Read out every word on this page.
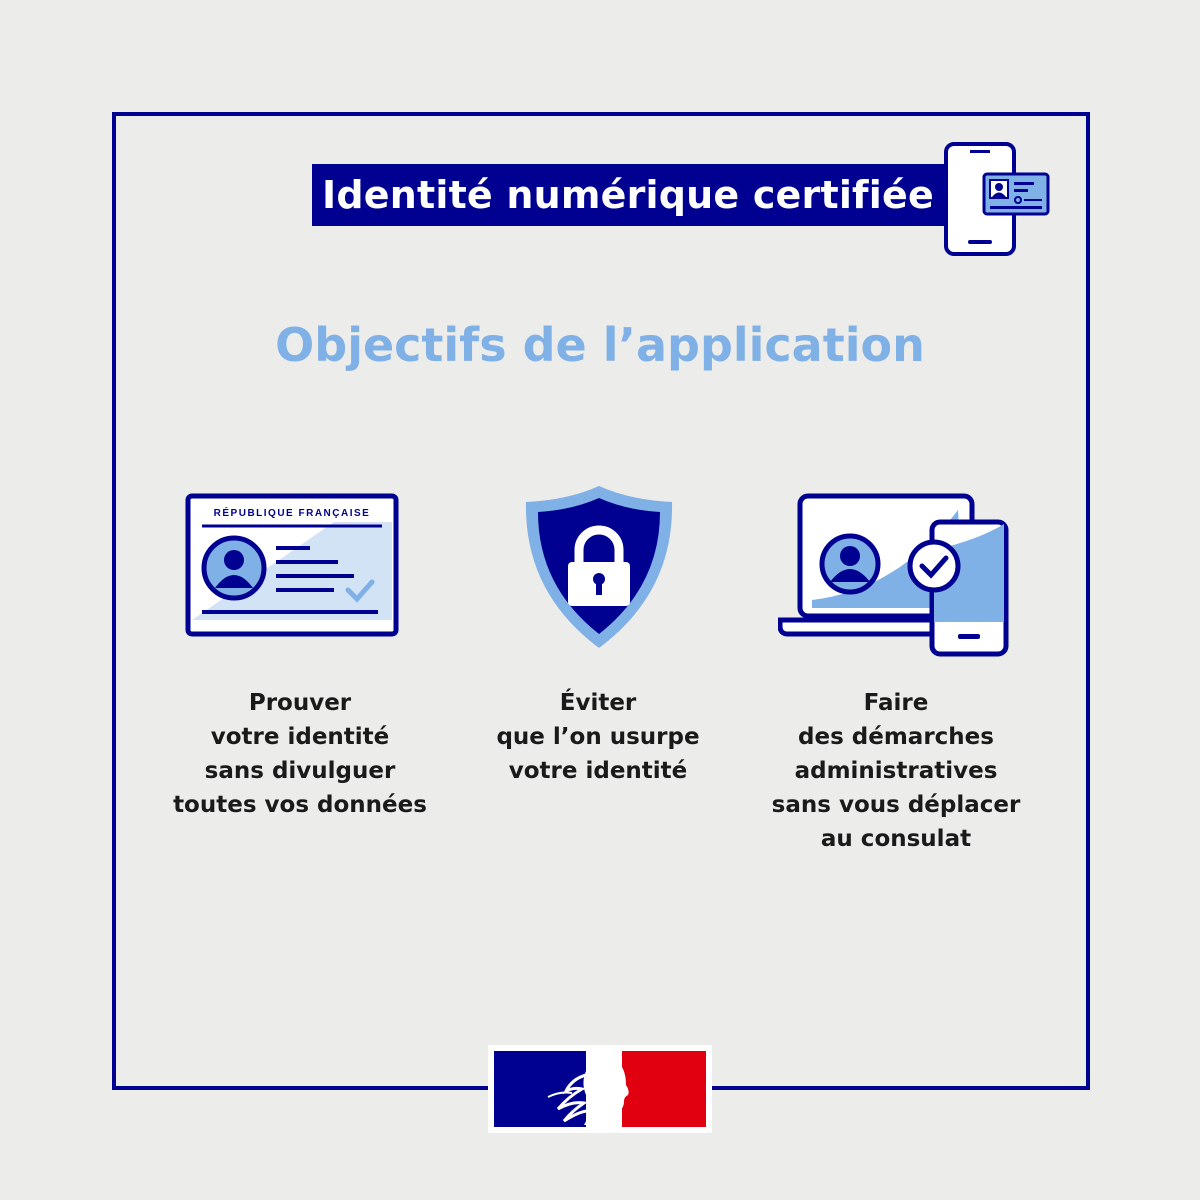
Identité numérique certifiée
Objectifs de l’application
RÉPUBLIQUE FRANÇAISE
Prouver
votre identité
sans divulguer
toutes vos données
Éviter
que l’on usurpe
votre identité
Faire
des démarches
administratives
sans vous déplacer
au consulat
